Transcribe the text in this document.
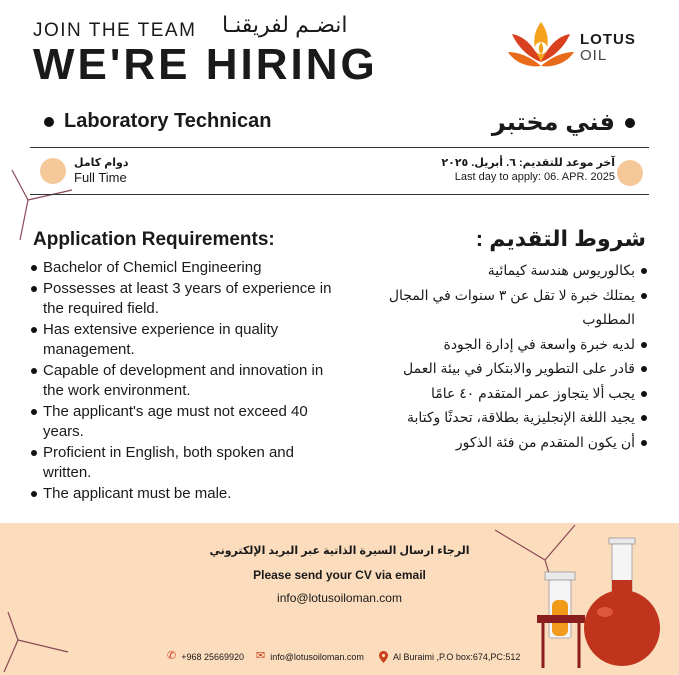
JOIN THE TEAM
WE'RE HIRING
انضـم لفريقنـا
LOTUS
OIL
Laboratory Technican	فني مختبر
دوام كامل
Full Time
آخر موعد للتقديم: ٦. أبريل. ٢٠٢٥
Last day to apply: 06. APR. 2025
Application Requirements:
Bachelor of Chemicl Engineering
Possesses at least 3 years of experience in the required field.
Has extensive experience in quality management.
Capable of development and innovation in the work environment.
The applicant's age must not exceed 40 years.
Proficient in English, both spoken and written.
The applicant must be male.
شروط التقديم :
بكالوريوس هندسة كيمائية
يمتلك خبرة لا تقل عن ٣ سنوات في المجال المطلوب
لديه خبرة واسعة في إدارة الجودة
قادر على التطوير والابتكار في بيئة العمل
يجب ألا يتجاوز عمر المتقدم ٤٠ عامًا
يجيد اللغة الإنجليزية بطلاقة، تحدثًا وكتابة
أن يكون المتقدم من فئة الذكور
الرجاء ارسال السيرة الذاتية عبر البريد الإلكتروني
Please send your CV via email
info@lotusoiloman.com
✆ +968 25669920 ✉ info@lotusoiloman.com	Al Buraimi ,P.O box:674,PC:512
